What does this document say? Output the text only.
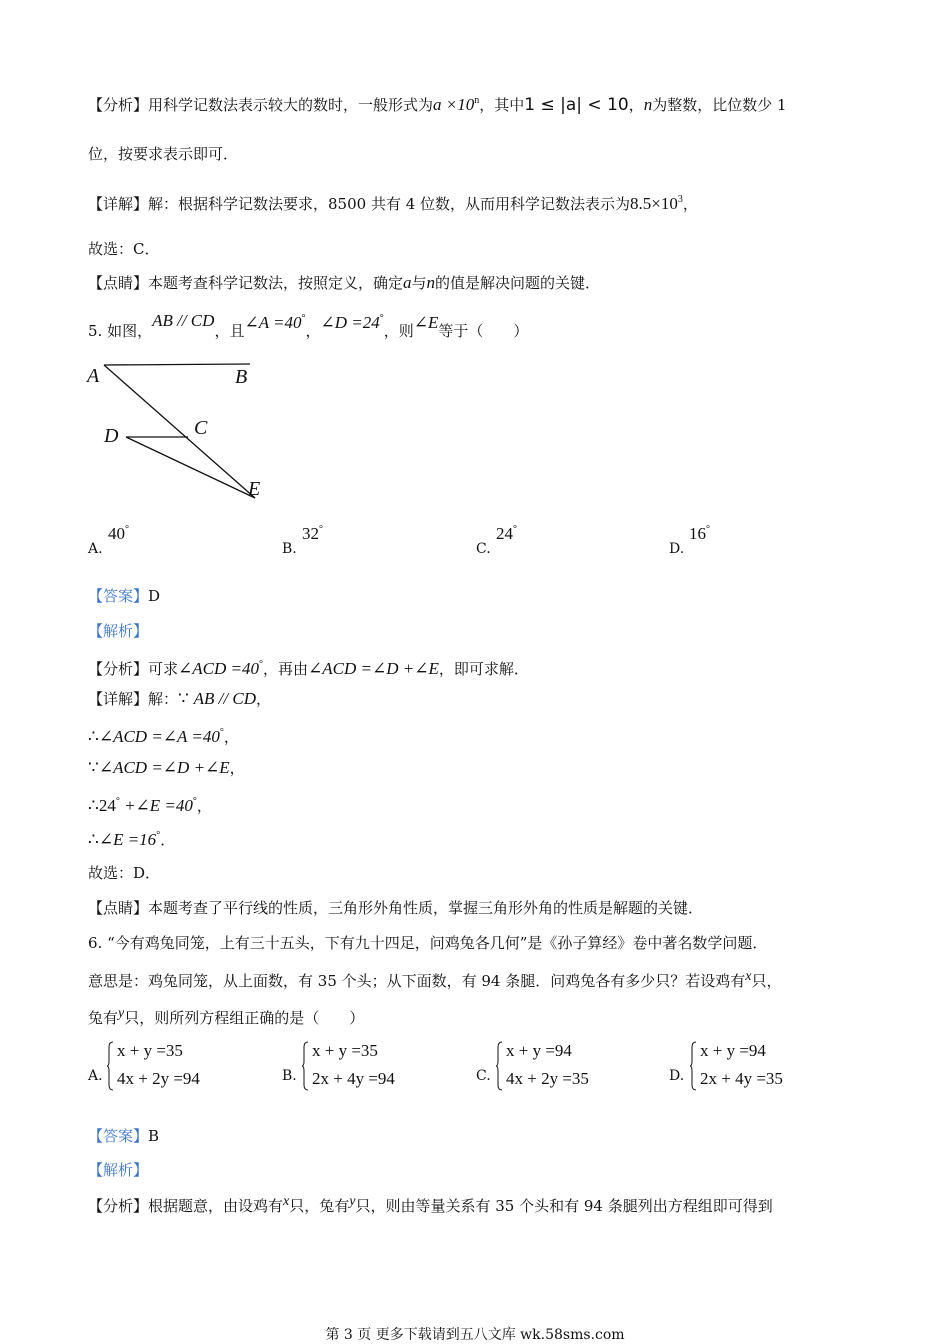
【分析】用科学记数法表示较大的数时，一般形式为$a \times 10^n$，其中1 ≤ |a| < 10，n为整数，比位数少 1
位，按要求表示即可．
【详解】解：根据科学记数法要求，8500 共有 4 位数，从而用科学记数法表示为$8.5\times 10^3$，
故选：C．
【点睛】本题考查科学记数法，按照定义，确定a与n的值是解决问题的关键．
5. 如图，AB // CD，且∠A =40°，∠D =24°，则∠E等于（　　）
A	B
C
D
E
A.
40°
B.
32°
C.
24°
D.
16°
【答案】D
【解析】
【分析】可求∠ACD =40°，再由∠ACD =∠D +∠E，即可求解．
【详解】解：∵ AB // CD，
∴∠ACD =∠A =40°，
∵∠ACD =∠D +∠E，
∴24° +∠E =40°，
∴∠E =16°．
故选：D．
【点睛】本题考查了平行线的性质，三角形外角性质，掌握三角形外角的性质是解题的关键．
6. “今有鸡兔同笼，上有三十五头，下有九十四足，问鸡兔各几何”是《孙子算经》卷中著名数学问题．
意思是：鸡兔同笼，从上面数，有 35 个头；从下面数，有 94 条腿．问鸡兔各有多少只？若设鸡有x只，
兔有y只，则所列方程组正确的是（　　）
A.
x + y =35
4x + 2y =94	B.
x + y =35
2x + 4y =94	C.
x + y =94
4x + 2y =35	D.
x + y =94
2x + 4y =35
【答案】B
【解析】
【分析】根据题意，由设鸡有x只，兔有y只，则由等量关系有 35 个头和有 94 条腿列出方程组即可得到
第 3 页 更多下载请到五八文库 wk.58sms.com
